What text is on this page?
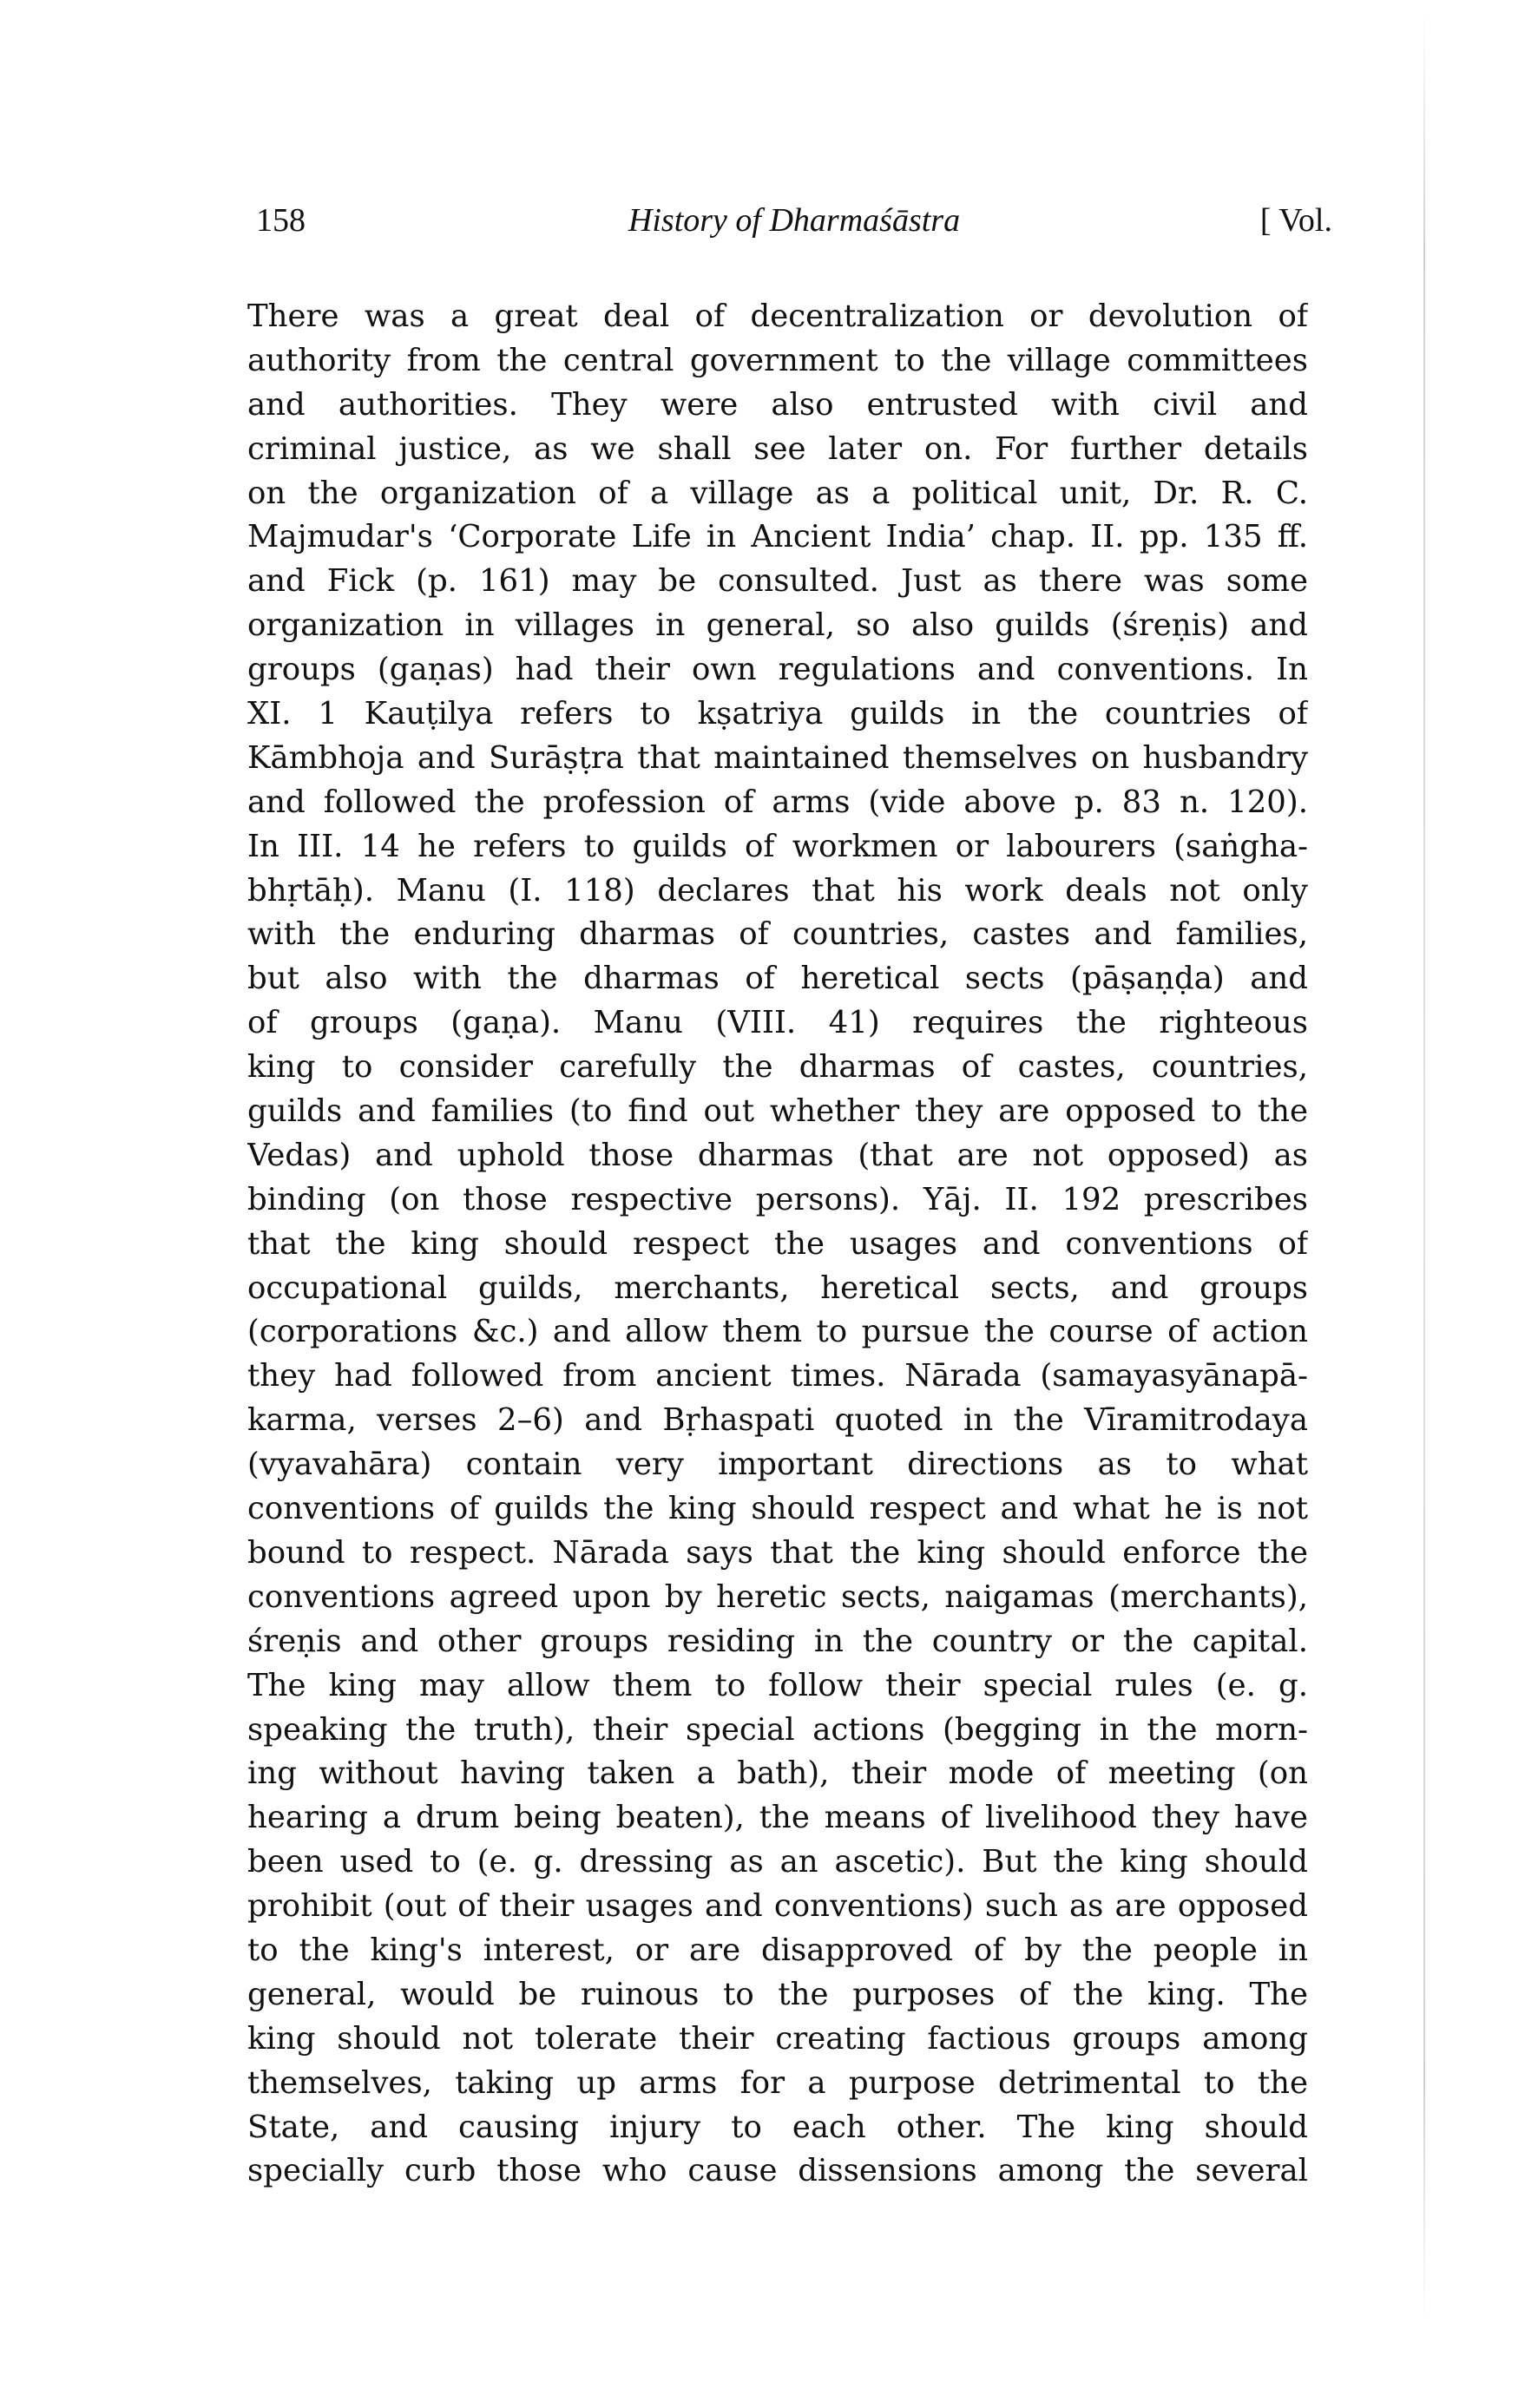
158	History of Dharmaśāstra	[ Vol.
There was a great deal of decentralization or devolution of
authority from the central government to the village committees
and authorities. They were also entrusted with civil and
criminal justice, as we shall see later on. For further details
on the organization of a village as a political unit, Dr. R. C.
Majmudar's ‘Corporate Life in Ancient India’ chap. II. pp. 135 ff.
and Fick (p. 161) may be consulted. Just as there was some
organization in villages in general, so also guilds (śreṇis) and
groups (gaṇas) had their own regulations and conventions. In
XI. 1 Kauṭilya refers to kṣatriya guilds in the countries of
Kāmbhoja and Surāṣṭra that maintained themselves on husbandry
and followed the profession of arms (vide above p. 83 n. 120).
In III. 14 he refers to guilds of workmen or labourers (saṅgha-
bhṛtāḥ). Manu (I. 118) declares that his work deals not only
with the enduring dharmas of countries, castes and families,
but also with the dharmas of heretical sects (pāṣaṇḍa) and
of groups (gaṇa). Manu (VIII. 41) requires the righteous
king to consider carefully the dharmas of castes, countries,
guilds and families (to find out whether they are opposed to the
Vedas) and uphold those dharmas (that are not opposed) as
binding (on those respective persons). Yāj. II. 192 prescribes
that the king should respect the usages and conventions of
occupational guilds, merchants, heretical sects, and groups
(corporations &c.) and allow them to pursue the course of action
they had followed from ancient times. Nārada (samayasyānapā-
karma, verses 2–6) and Bṛhaspati quoted in the Vīramitrodaya
(vyavahāra) contain very important directions as to what
conventions of guilds the king should respect and what he is not
bound to respect. Nārada says that the king should enforce the
conventions agreed upon by heretic sects, naigamas (merchants),
śreṇis and other groups residing in the country or the capital.
The king may allow them to follow their special rules (e. g.
speaking the truth), their special actions (begging in the morn-
ing without having taken a bath), their mode of meeting (on
hearing a drum being beaten), the means of livelihood they have
been used to (e. g. dressing as an ascetic). But the king should
prohibit (out of their usages and conventions) such as are opposed
to the king's interest, or are disapproved of by the people in
general, would be ruinous to the purposes of the king. The
king should not tolerate their creating factious groups among
themselves, taking up arms for a purpose detrimental to the
State, and causing injury to each other. The king should
specially curb those who cause dissensions among the several
